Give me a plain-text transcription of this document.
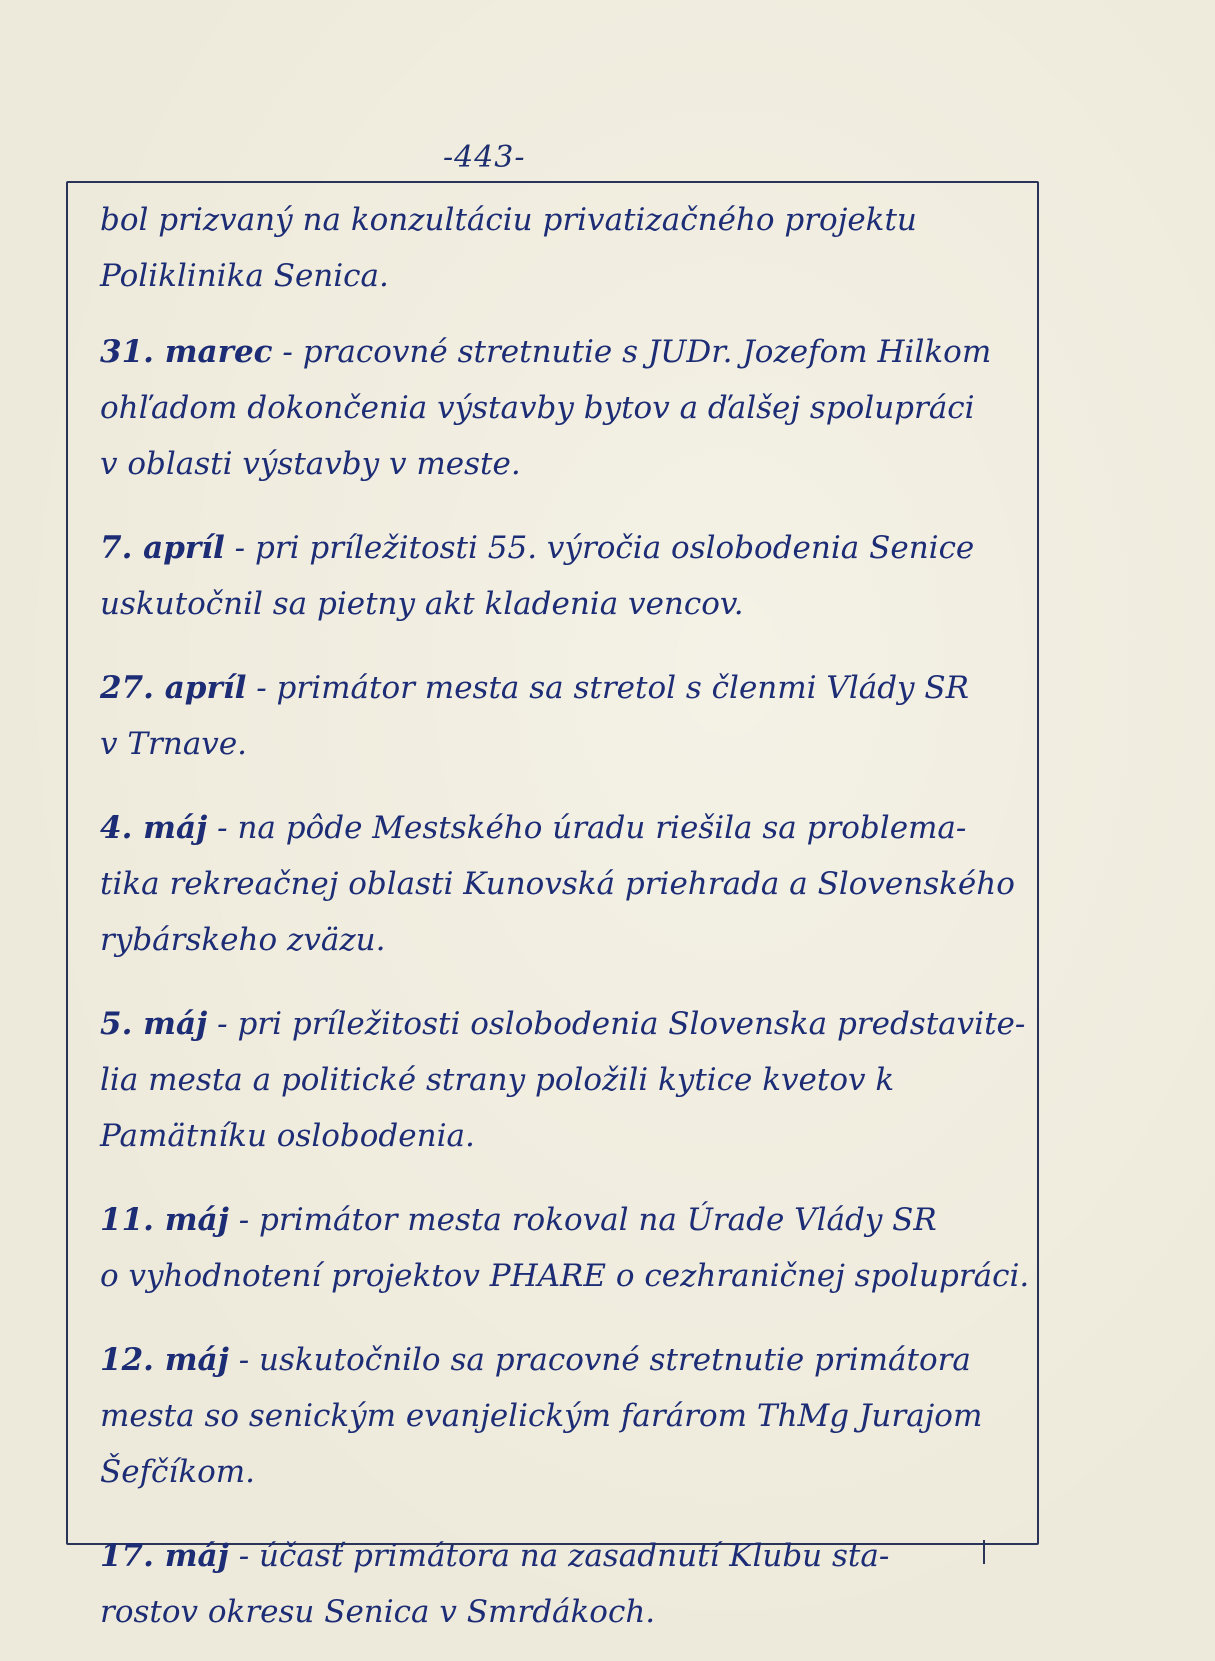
-443-

bol prizvaný na konzultáciu privatizačného projektu
Poliklinika Senica.

31. marec - pracovné stretnutie s JUDr. Jozefom Hilkom
ohľadom dokončenia výstavby bytov a ďalšej spolupráci
v oblasti výstavby v meste.

7. apríl - pri príležitosti 55. výročia oslobodenia Senice
uskutočnil sa pietny akt kladenia vencov.

27. apríl - primátor mesta sa stretol s členmi Vlády SR
v Trnave.

4. máj - na pôde Mestského úradu riešila sa problema-
tika rekreačnej oblasti Kunovská priehrada a Slovenského
rybárskeho zväzu.

5. máj - pri príležitosti oslobodenia Slovenska predstavite-
lia mesta a politické strany položili kytice kvetov k
Pamätníku oslobodenia.

11. máj - primátor mesta rokoval na Úrade Vlády SR
o vyhodnotení projektov PHARE o cezhraničnej spolupráci.

12. máj - uskutočnilo sa pracovné stretnutie primátora
mesta so senickým evanjelickým farárom ThMg Jurajom
Šefčíkom.

17. máj - účasť primátora na zasadnutí Klubu sta-
rostov okresu Senica v Smrdákoch.
